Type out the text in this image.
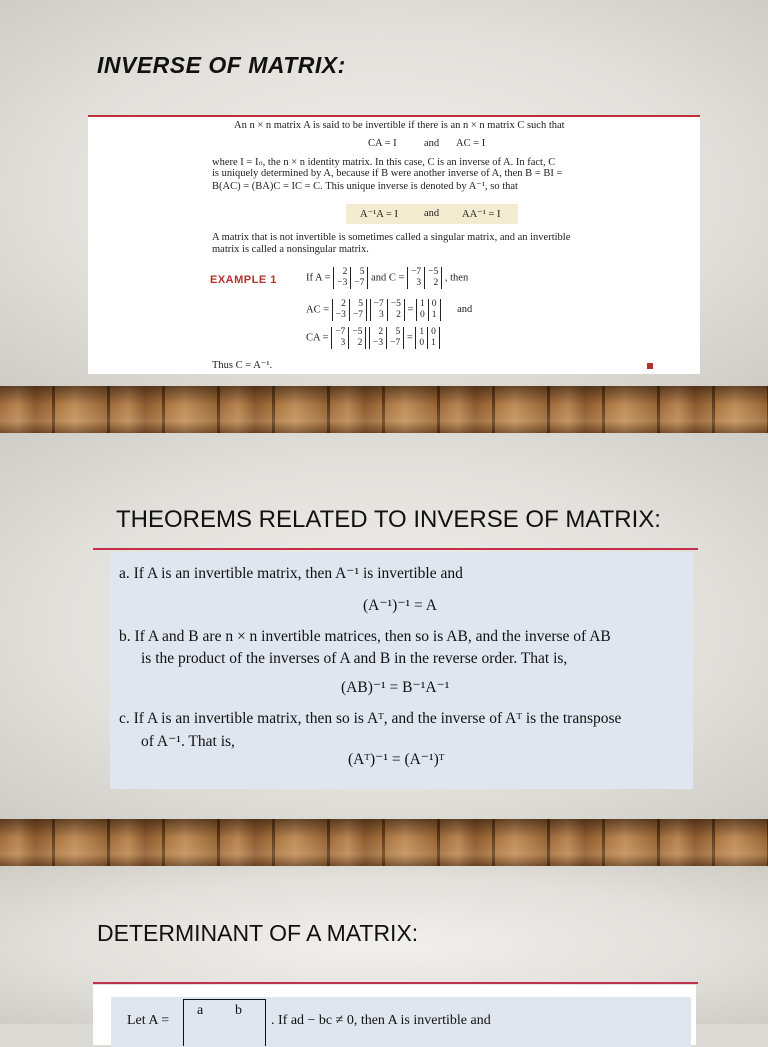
INVERSE OF MATRIX:
An n × n matrix A is said to be invertible if there is an n × n matrix C such that
CA = I	and AC = I
where I = Iₙ, the n × n identity matrix. In this case, C is an inverse of A. In fact, C
is uniquely determined by A, because if B were another inverse of A, then B = BI =
B(AC) = (BA)C = IC = C. This unique inverse is denoted by A⁻¹, so that
A⁻¹A = I and AA⁻¹ = I
A matrix that is not invertible is sometimes called a singular matrix, and an invertible
matrix is called a nonsingular matrix.
EXAMPLE 1	If A =
2
−3
5
−7 and C =
−7
3
−5
2 , then
AC =
2
−3
5
−7

−7
3
−5
2 =
1
0
0
1 and
CA =
−7
3
−5
2

2
−3
5
−7 =
1
0
0
1
Thus C = A⁻¹.
THEOREMS RELATED TO INVERSE OF MATRIX:
a. If A is an invertible matrix, then A⁻¹ is invertible and
(A⁻¹)⁻¹ = A
b. If A and B are n × n invertible matrices, then so is AB, and the inverse of AB
is the product of the inverses of A and B in the reverse order. That is,
(AB)⁻¹ = B⁻¹A⁻¹
c. If A is an invertible matrix, then so is Aᵀ, and the inverse of Aᵀ is the transpose
of A⁻¹. That is,
(Aᵀ)⁻¹ = (A⁻¹)ᵀ
DETERMINANT OF A MATRIX:
Let A =
a b
. If ad − bc ≠ 0, then A is invertible and
